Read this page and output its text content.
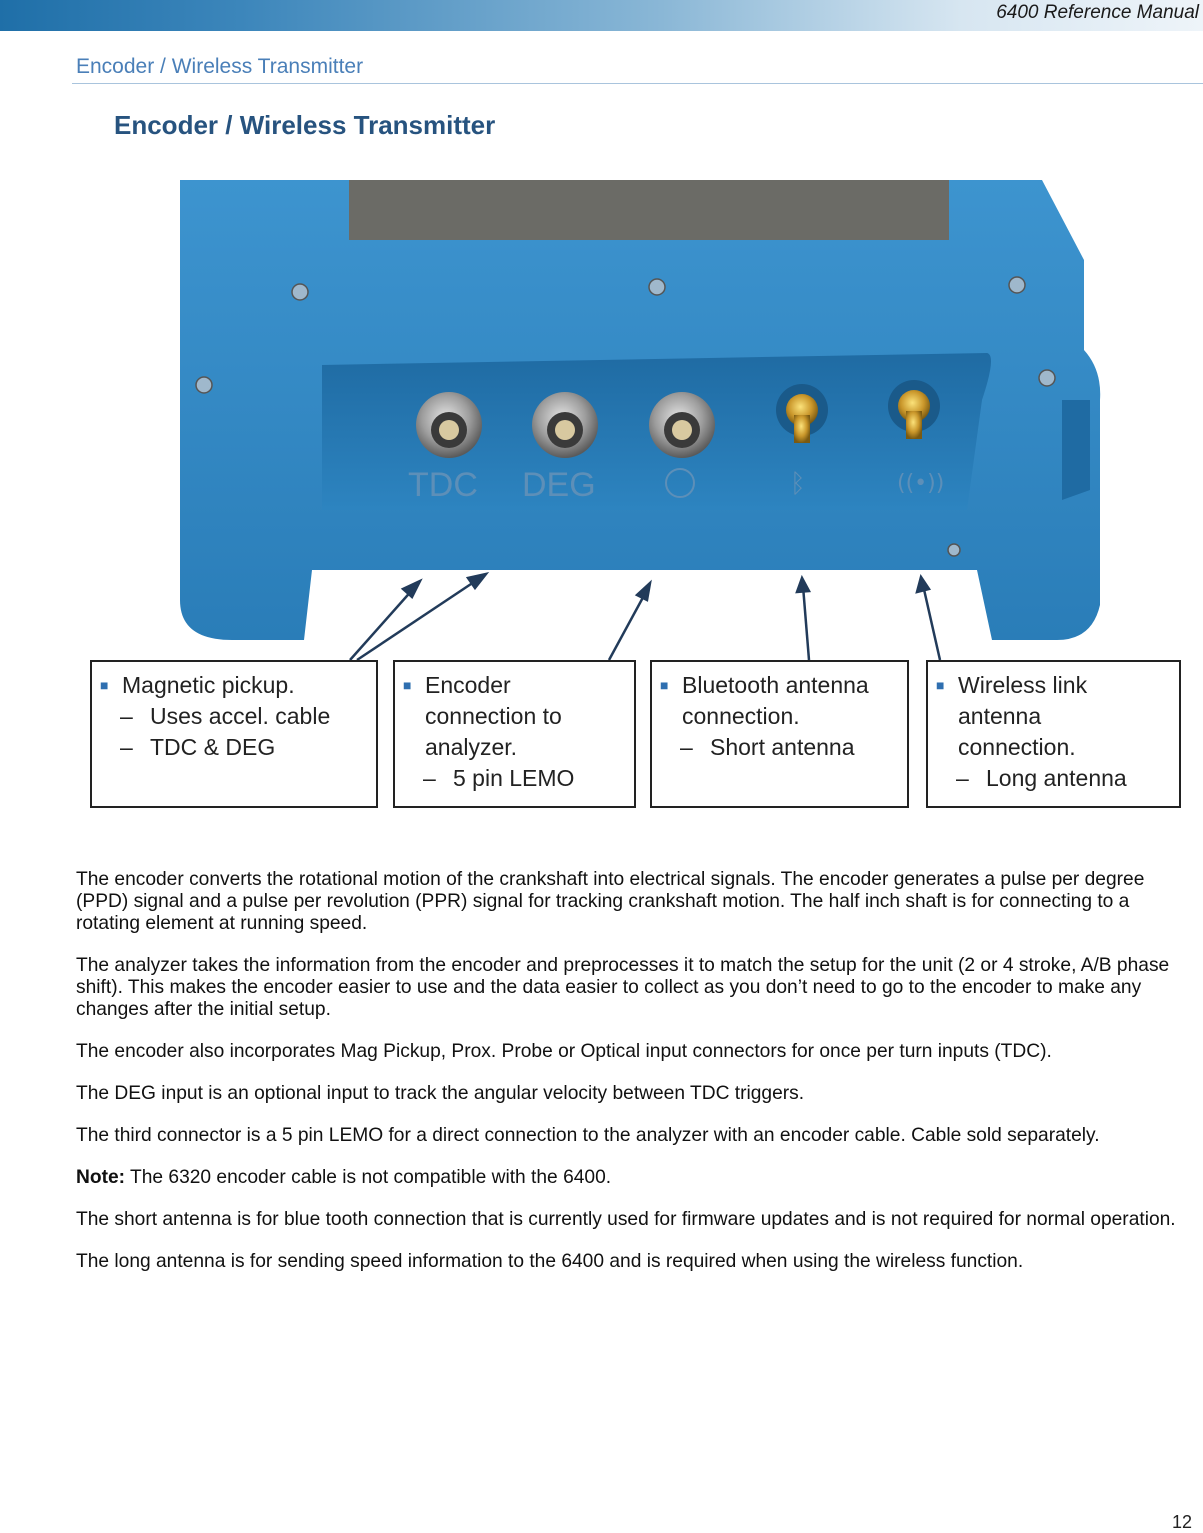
6400 Reference Manual
Encoder / Wireless Transmitter
TDC DEG	ᛒ	((•))
Encoder / Wireless Transmitter
■ Magnetic pickup.
– Uses accel. cable
– TDC & DEG
■ Encoder connection to analyzer.
– 5 pin LEMO
■ Bluetooth antenna connection.
– Short antenna
■ Wireless link antenna connection.
– Long antenna

The encoder converts the rotational motion of the crankshaft into electrical signals. The encoder generates a pulse per degree (PPD) signal and a pulse per revolution (PPR) signal for tracking crankshaft motion. The half inch shaft is for connecting to a rotating element at running speed.

The analyzer takes the information from the encoder and preprocesses it to match the setup for the unit (2 or 4 stroke, A/B phase shift). This makes the encoder easier to use and the data easier to collect as you don’t need to go to the encoder to make any changes after the initial setup.

The encoder also incorporates Mag Pickup, Prox. Probe or Optical input connectors for once per turn inputs (TDC).

The DEG input is an optional input to track the angular velocity between TDC triggers.

The third connector is a 5 pin LEMO for a direct connection to the analyzer with an encoder cable. Cable sold separately.

Note: The 6320 encoder cable is not compatible with the 6400.

The short antenna is for blue tooth connection that is currently used for firmware updates and is not required for normal operation.

The long antenna is for sending speed information to the 6400 and is required when using the wireless function.

12
